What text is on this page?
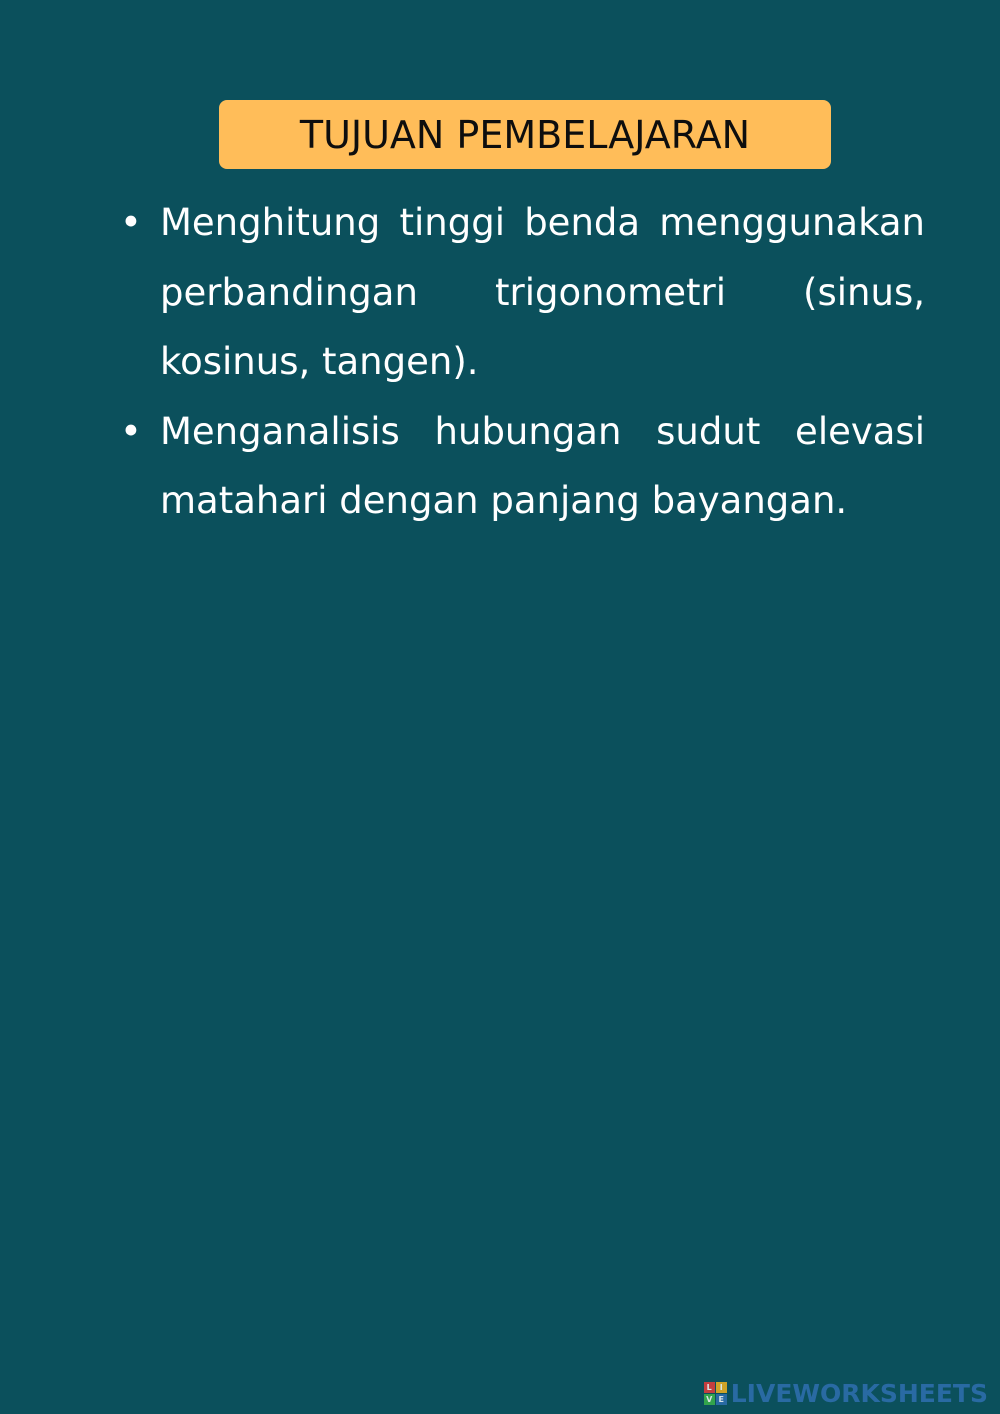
TUJUAN PEMBELAJARAN
• Menghitung tinggi benda menggunakan perbandingan trigonometri (sinus, kosinus, tangen).
• Menganalisis hubungan sudut elevasi matahari dengan panjang bayangan.
L I
V E LIVEWORKSHEETS
